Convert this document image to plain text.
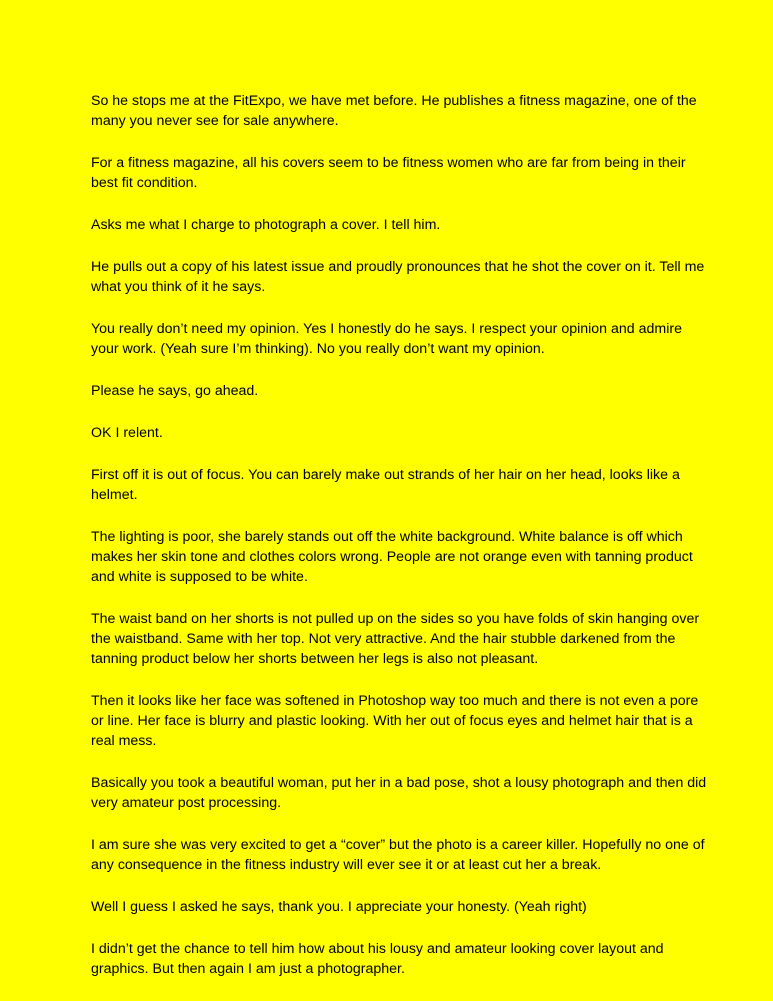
So he stops me at the FitExpo, we have met before. He publishes a fitness magazine, one of the many you never see for sale anywhere.

For a fitness magazine, all his covers seem to be fitness women who are far from being in their best fit condition.

Asks me what I charge to photograph a cover. I tell him.

He pulls out a copy of his latest issue and proudly pronounces that he shot the cover on it. Tell me what you think of it he says.

You really don’t need my opinion. Yes I honestly do he says. I respect your opinion and admire your work. (Yeah sure I’m thinking). No you really don’t want my opinion.

Please he says, go ahead.

OK I relent.

First off it is out of focus. You can barely make out strands of her hair on her head, looks like a helmet.

The lighting is poor, she barely stands out off the white background. White balance is off which makes her skin tone and clothes colors wrong. People are not orange even with tanning product and white is supposed to be white.

The waist band on her shorts is not pulled up on the sides so you have folds of skin hanging over the waistband. Same with her top. Not very attractive. And the hair stubble darkened from the tanning product below her shorts between her legs is also not pleasant.

Then it looks like her face was softened in Photoshop way too much and there is not even a pore or line. Her face is blurry and plastic looking. With her out of focus eyes and helmet hair that is a real mess.

Basically you took a beautiful woman, put her in a bad pose, shot a lousy photograph and then did very amateur post processing.

I am sure she was very excited to get a “cover” but the photo is a career killer. Hopefully no one of any consequence in the fitness industry will ever see it or at least cut her a break.

Well I guess I asked he says, thank you. I appreciate your honesty. (Yeah right)

I didn’t get the chance to tell him how about his lousy and amateur looking cover layout and graphics. But then again I am just a photographer.
